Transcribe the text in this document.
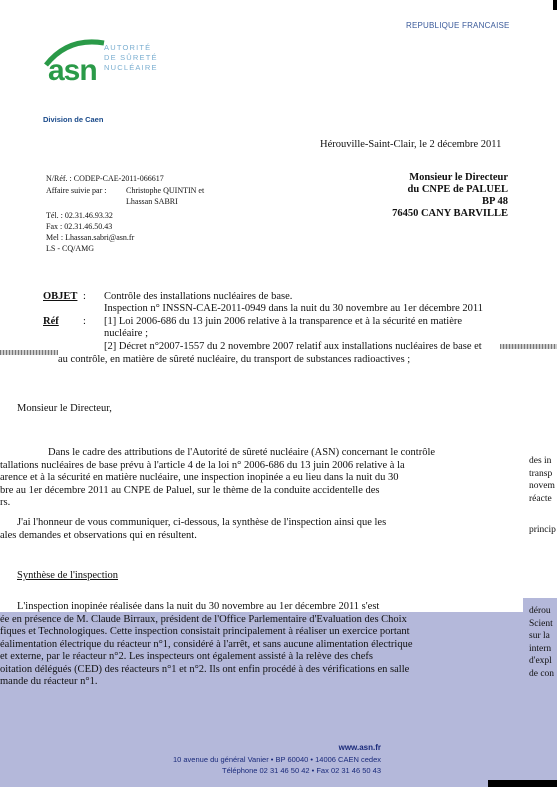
REPUBLIQUE FRANCAISE
asn
AUTORITÉ
DE SÛRETÉ
NUCLÉAIRE
Division de Caen
Hérouville-Saint-Clair, le 2 décembre 2011
N/Réf. : CODEP-CAE-2011-066617
Affaire suivie par : Christophe QUINTIN et
Lhassan SABRI
Tél. : 02.31.46.93.32
Fax : 02.31.46.50.43
Mel : Lhassan.sabri@asn.fr
LS - CQ/AMG
Monsieur le Directeur
du CNPE de PALUEL
BP 48
76450 CANY BARVILLE
OBJET : Contrôle des installations nucléaires de base.
Inspection n° INSSN-CAE-2011-0949 dans la nuit du 30 novembre au 1er décembre 2011
Réf : [1] Loi 2006-686 du 13 juin 2006 relative à la transparence et à la sécurité en matière
nucléaire ;
[2] Décret n°2007-1557 du 2 novembre 2007 relatif aux installations nucléaires de base et
au contrôle, en matière de sûreté nucléaire, du transport de substances radioactives ;
Monsieur le Directeur,
Dans le cadre des attributions de l'Autorité de sûreté nucléaire (ASN) concernant le contrôle
tallations nucléaires de base prévu à l'article 4 de la loi n° 2006-686 du 13 juin 2006 relative à la
arence et à la sécurité en matière nucléaire, une inspection inopinée a eu lieu dans la nuit du 30
bre au 1er décembre 2011 au CNPE de Paluel, sur le thème de la conduite accidentelle des
rs.
J'ai l'honneur de vous communiquer, ci-dessous, la synthèse de l'inspection ainsi que les
ales demandes et observations qui en résultent.
Synthèse de l'inspection
L'inspection inopinée réalisée dans la nuit du 30 novembre au 1er décembre 2011 s'est
ée en présence de M. Claude Birraux, président de l'Office Parlementaire d'Evaluation des Choix
fiques et Technologiques. Cette inspection consistait principalement à réaliser un exercice portant
éalimentation électrique du réacteur n°1, considéré à l'arrêt, et sans aucune alimentation électrique
et externe, par le réacteur n°2. Les inspecteurs ont également assisté à la relève des chefs
oitation délégués (CED) des réacteurs n°1 et n°2. Ils ont enfin procédé à des vérifications en salle
mande du réacteur n°1.
des in
transp
novem
réacte
princip
dérou
Scient
sur la
intern
d'expl
de con
www.asn.fr
10 avenue du général Vanier • BP 60040 • 14006 CAEN cedex
Téléphone 02 31 46 50 42 • Fax 02 31 46 50 43
